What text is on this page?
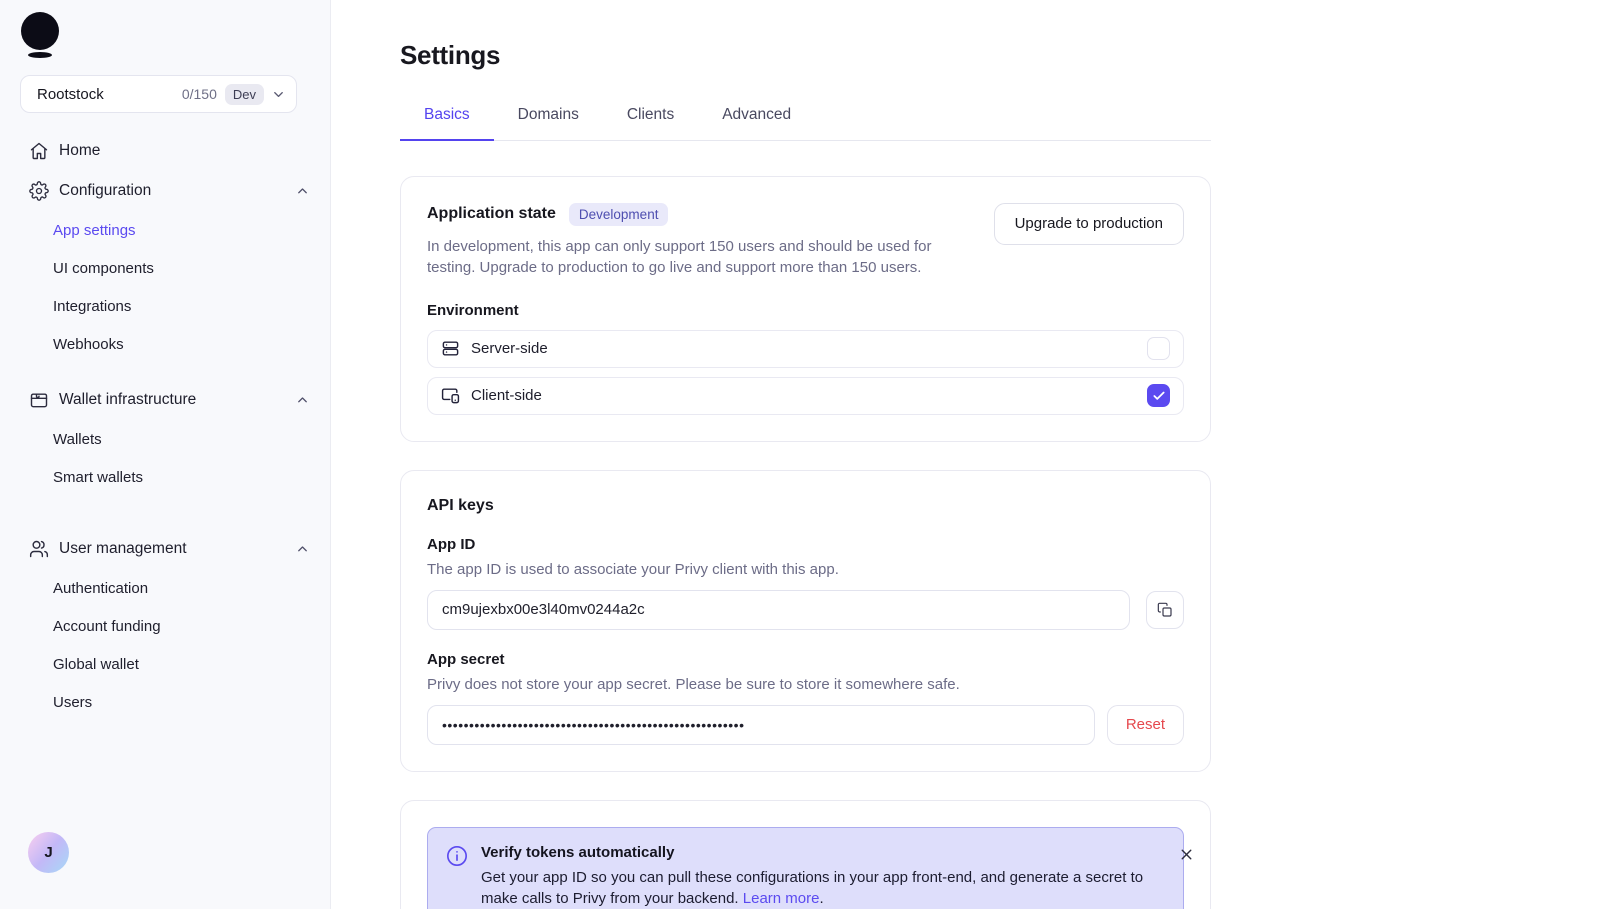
Rootstock	0/150	Dev
Home
Configuration
App settings
UI components
Integrations
Webhooks
Wallet infrastructure
Wallets
Smart wallets
User management
Authentication
Account funding
Global wallet
Users
J
Settings
Basics	Domains	Clients	Advanced
Application state	Development
In development, this app can only support 150 users and should be used for testing. Upgrade to production to go live and support more than 150 users.
Upgrade to production
Environment
Server-side
Client-side
API keys
App ID
The app ID is used to associate your Privy client with this app.
cm9ujexbx00e3l40mv0244a2c
App secret
Privy does not store your app secret. Please be sure to store it somewhere safe.
••••••••••••••••••••••••••••••••••••••••••••••••••••••••
Reset
Verify tokens automatically
Get your app ID so you can pull these configurations in your app front-end, and generate a secret to make calls to Privy from your backend. Learn more.
